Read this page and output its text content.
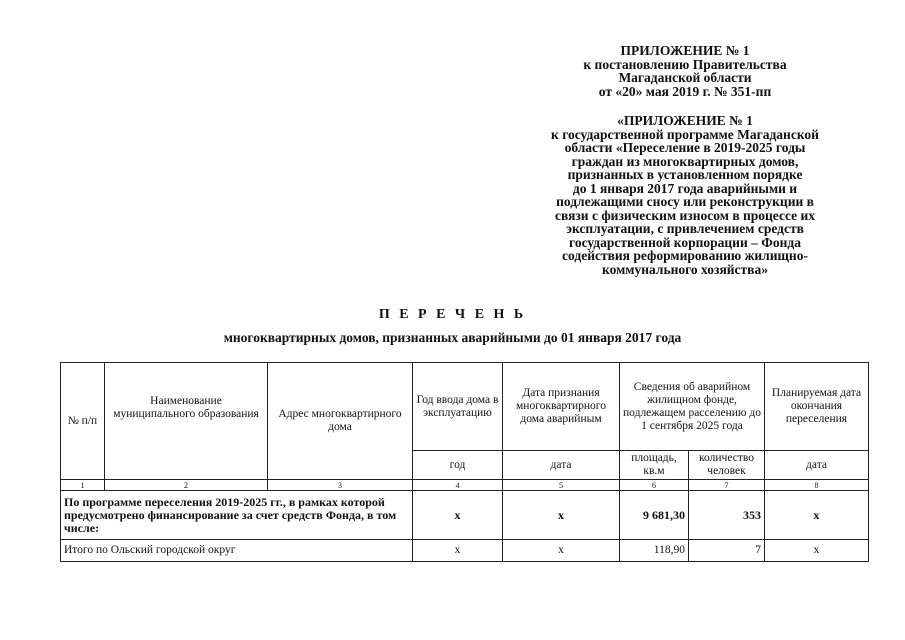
ПРИЛОЖЕНИЕ № 1
к постановлению Правительства
Магаданской области
от «20» мая 2019 г. № 351-пп
«ПРИЛОЖЕНИЕ № 1
к государственной программе Магаданской
области «Переселение в 2019-2025 годы
граждан из многоквартирных домов,
признанных в установленном порядке
до 1 января 2017 года аварийными и
подлежащими сносу или реконструкции в
связи с физическим износом в процессе их
эксплуатации, с привлечением средств
государственной корпорации – Фонда
содействия реформированию жилищно-
коммунального хозяйства»
П Е Р Е Ч Е Н Ь
многоквартирных домов, признанных аварийными до 01 января 2017 года
№ п/п	Наименование муниципального образования	Адрес многоквартирного дома	Год ввода дома в эксплуатацию	Дата признания многоквартирного дома аварийным	Сведения об аварийном жилищном фонде, подлежащем расселению до 1 сентября 2025 года		Планируемая дата окончания переселения
			год	дата	площадь, кв.м	количество человек	дата
1	2	3	4	5	6	7	8
По программе переселения 2019-2025 гг., в рамках которой предусмотрено финансирование за счет средств Фонда, в том числе:			х	х	9 681,30	353	х
Итого по Ольский городской округ			х	х	118,90	7	х
